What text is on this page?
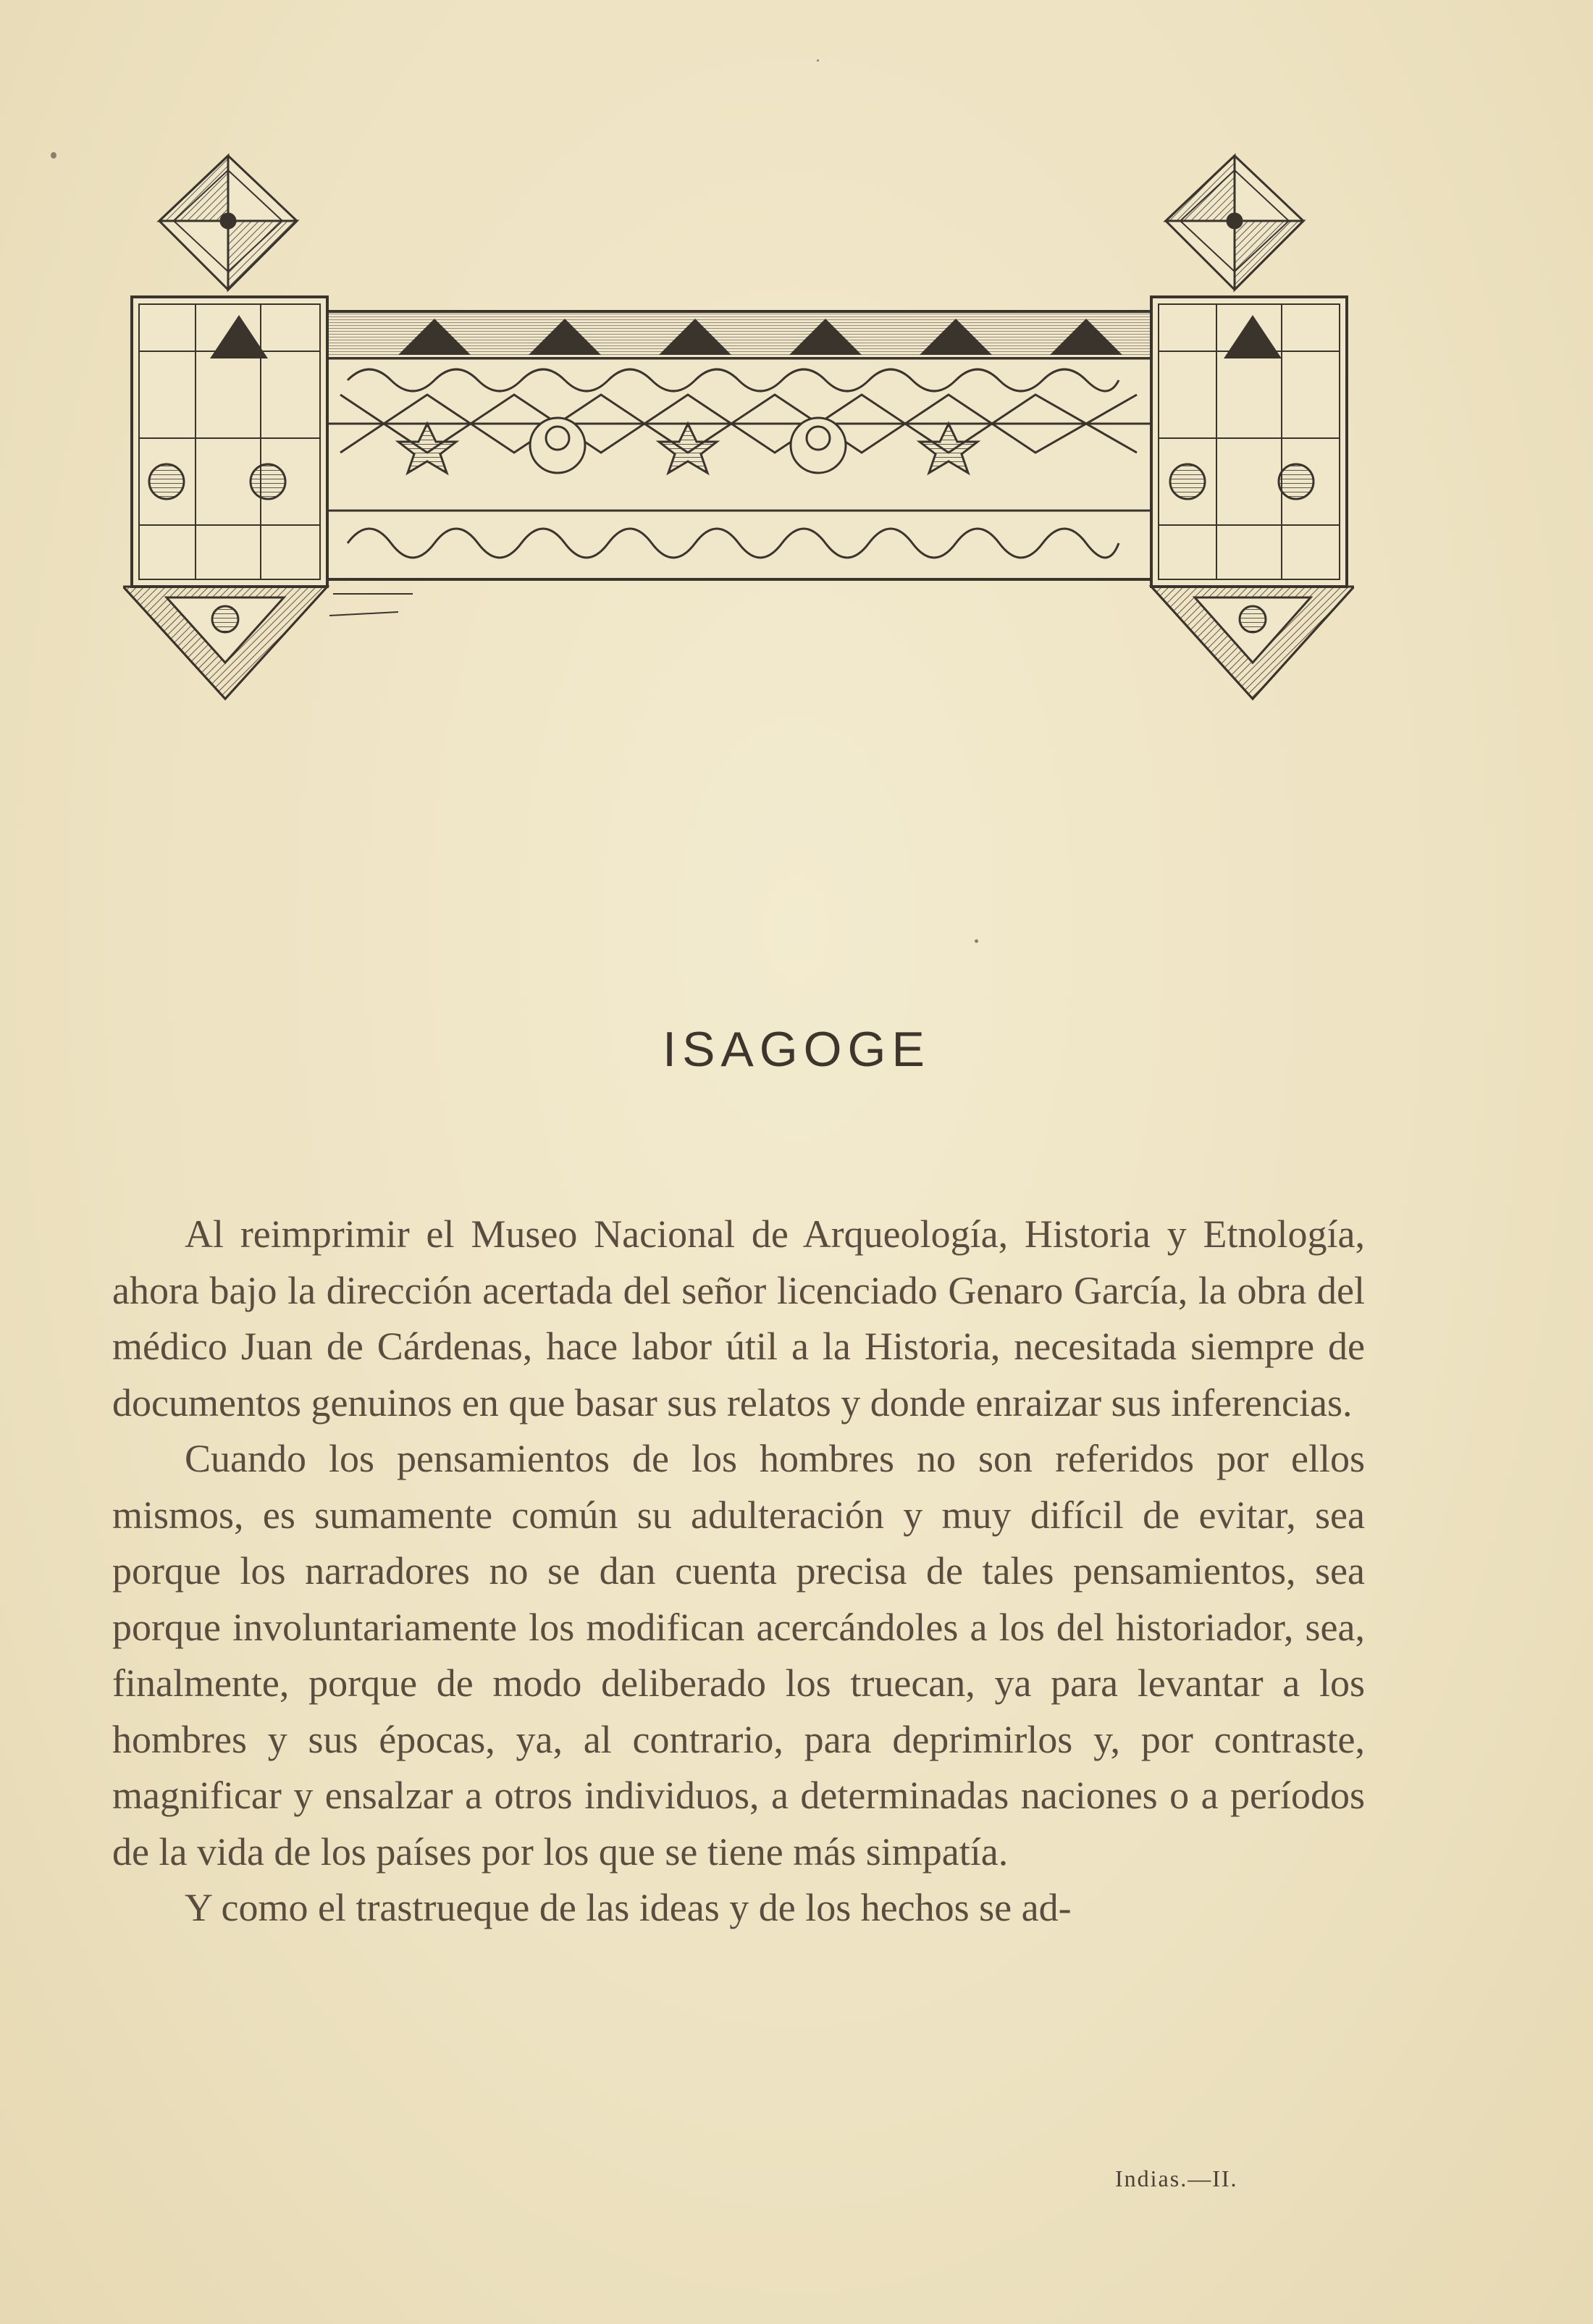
ISAGOGE

Al reimprimir el Museo Nacional de Arqueología, Historia y Etnología, ahora bajo la dirección acertada del señor licenciado Genaro García, la obra del médico Juan de Cárdenas, hace labor útil a la Historia, necesitada siempre de documentos genuinos en que basar sus relatos y donde enraizar sus inferencias.

Cuando los pensamientos de los hombres no son referidos por ellos mismos, es sumamente común su adulteración y muy difícil de evitar, sea porque los narradores no se dan cuenta precisa de tales pensamientos, sea porque involuntariamente los modifican acercándoles a los del historiador, sea, finalmente, porque de modo deliberado los truecan, ya para levantar a los hombres y sus épocas, ya, al contrario, para deprimirlos y, por contraste, magnificar y ensalzar a otros individuos, a determinadas naciones o a períodos de la vida de los países por los que se tiene más simpatía.

Y como el trastrueque de las ideas y de los hechos se ad-

Indias.—II.
